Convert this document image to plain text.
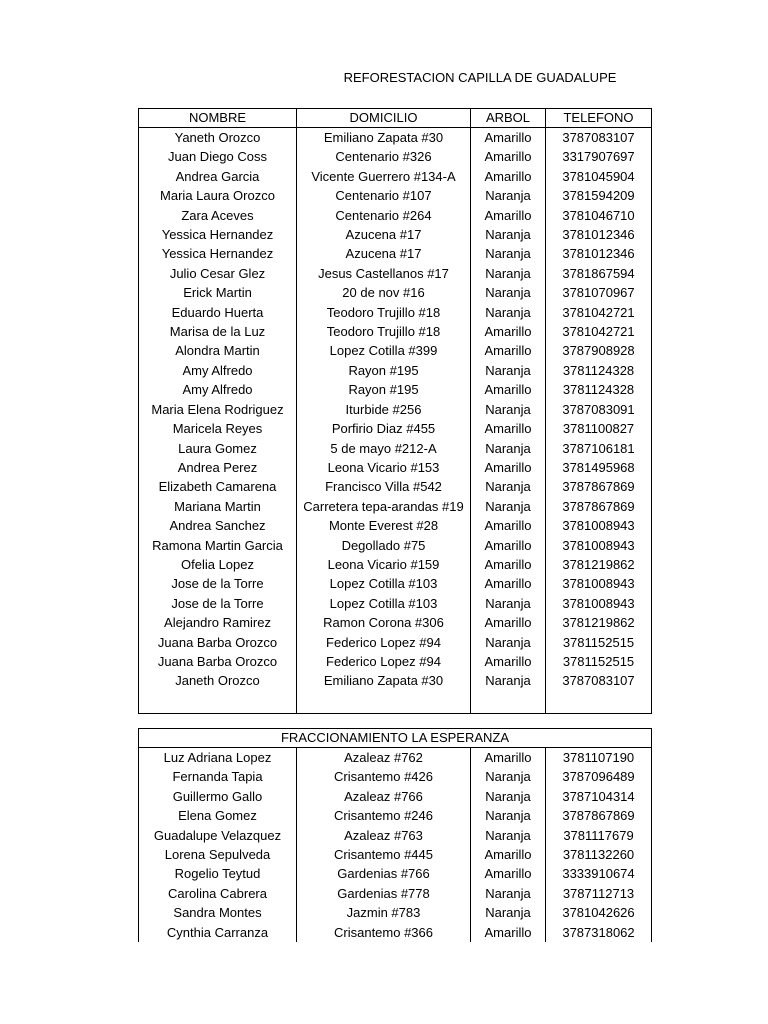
REFORESTACION CAPILLA DE GUADALUPE
NOMBRE	DOMICILIO	ARBOL	TELEFONO
Yaneth Orozco	Emiliano Zapata #30	Amarillo	3787083107
Juan Diego Coss	Centenario #326	Amarillo	3317907697
Andrea Garcia	Vicente Guerrero #134-A	Amarillo	3781045904
Maria Laura Orozco	Centenario #107	Naranja	3781594209
Zara Aceves	Centenario #264	Amarillo	3781046710
Yessica Hernandez	Azucena #17	Naranja	3781012346
Yessica Hernandez	Azucena #17	Naranja	3781012346
Julio Cesar Glez	Jesus Castellanos #17	Naranja	3781867594
Erick Martin	20 de nov #16	Naranja	3781070967
Eduardo Huerta	Teodoro Trujillo #18	Naranja	3781042721
Marisa de la Luz	Teodoro Trujillo #18	Amarillo	3781042721
Alondra Martin	Lopez Cotilla #399	Amarillo	3787908928
Amy Alfredo	Rayon #195	Naranja	3781124328
Amy Alfredo	Rayon #195	Amarillo	3781124328
Maria Elena Rodriguez	Iturbide #256	Naranja	3787083091
Maricela Reyes	Porfirio Diaz #455	Amarillo	3781100827
Laura Gomez	5 de mayo #212-A	Naranja	3787106181
Andrea Perez	Leona Vicario #153	Amarillo	3781495968
Elizabeth Camarena	Francisco Villa #542	Naranja	3787867869
Mariana Martin	Carretera tepa-arandas #19	Naranja	3787867869
Andrea Sanchez	Monte Everest #28	Amarillo	3781008943
Ramona Martin Garcia	Degollado #75	Amarillo	3781008943
Ofelia Lopez	Leona Vicario #159	Amarillo	3781219862
Jose de la Torre	Lopez Cotilla #103	Amarillo	3781008943
Jose de la Torre	Lopez Cotilla #103	Naranja	3781008943
Alejandro Ramirez	Ramon Corona #306	Amarillo	3781219862
Juana Barba Orozco	Federico Lopez #94	Naranja	3781152515
Juana Barba Orozco	Federico Lopez #94	Amarillo	3781152515
Janeth Orozco	Emiliano Zapata #30	Naranja	3787083107

FRACCIONAMIENTO LA ESPERANZA			
Luz Adriana Lopez	Azaleaz #762	Amarillo	3781107190
Fernanda Tapia	Crisantemo #426	Naranja	3787096489
Guillermo Gallo	Azaleaz #766	Naranja	3787104314
Elena Gomez	Crisantemo #246	Naranja	3787867869
Guadalupe Velazquez	Azaleaz #763	Naranja	3781117679
Lorena Sepulveda	Crisantemo #445	Amarillo	3781132260
Rogelio Teytud	Gardenias #766	Amarillo	3333910674
Carolina Cabrera	Gardenias #778	Naranja	3787112713
Sandra Montes	Jazmin #783	Naranja	3781042626
Cynthia Carranza	Crisantemo #366	Amarillo	3787318062
